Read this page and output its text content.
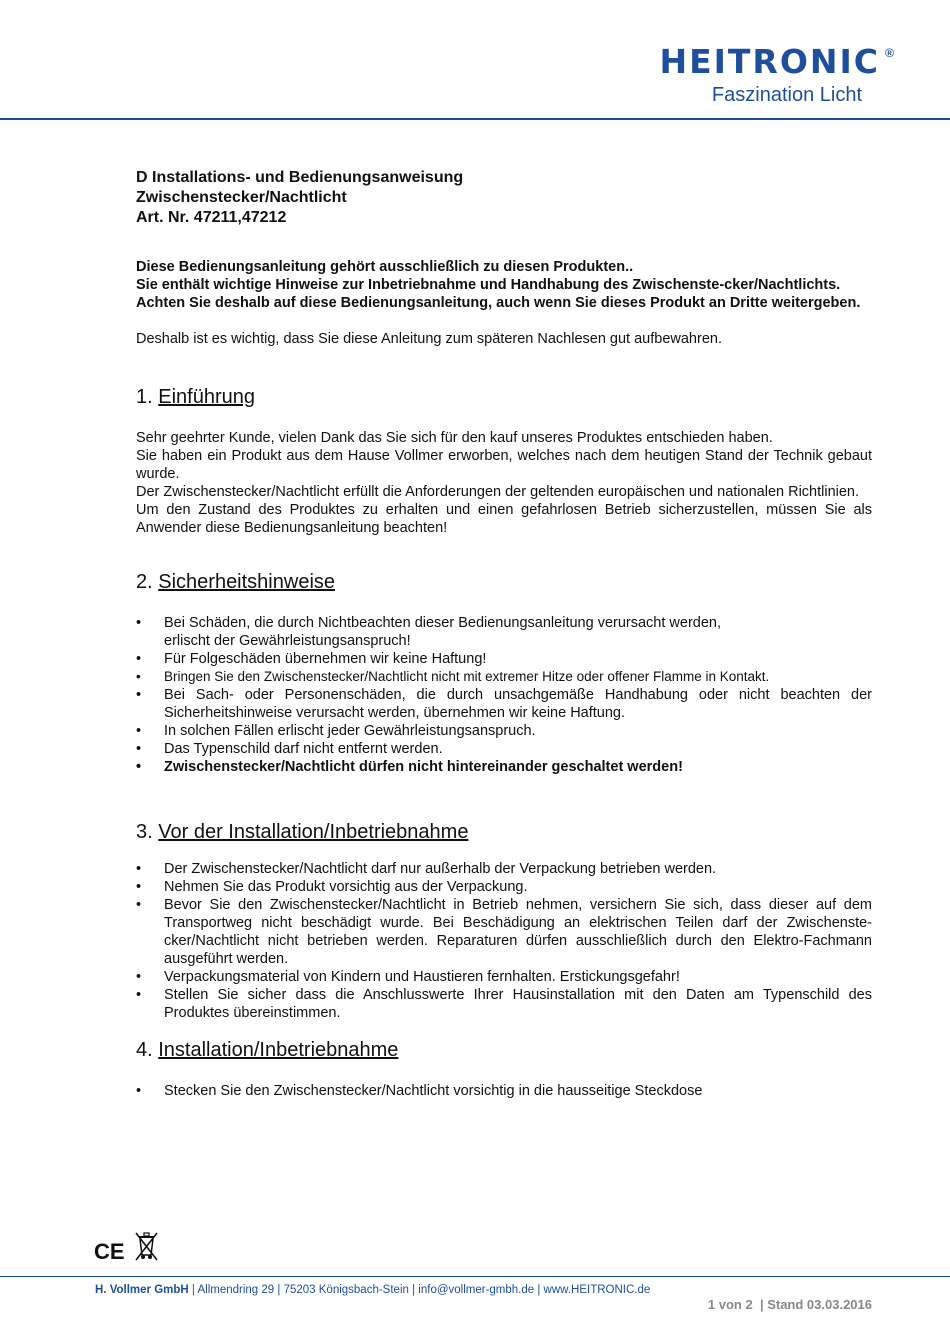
HEITRONIC ®
Faszination Licht
D Installations- und Bedienungsanweisung
Zwischenstecker/Nachtlicht
Art. Nr. 47211,47212

Diese Bedienungsanleitung gehört ausschließlich zu diesen Produkten..

Sie enthält wichtige Hinweise zur Inbetriebnahme und Handhabung des Zwischenste-cker/Nachtlichts.

Achten Sie deshalb auf diese Bedienungsanleitung, auch wenn Sie dieses Produkt an Dritte weitergeben.

Deshalb ist es wichtig, dass Sie diese Anleitung zum späteren Nachlesen gut aufbewahren.

1. Einführung

Sehr geehrter Kunde, vielen Dank das Sie sich für den kauf unseres Produktes entschieden haben.

Sie haben ein Produkt aus dem Hause Vollmer erworben, welches nach dem heutigen Stand der Technik gebaut wurde.

Der Zwischenstecker/Nachtlicht erfüllt die Anforderungen der geltenden europäischen und nationalen Richtlinien.

Um den Zustand des Produktes zu erhalten und einen gefahrlosen Betrieb sicherzustellen, müssen Sie als Anwender diese Bedienungsanleitung beachten!

2. Sicherheitshinweise
• Bei Schäden, die durch Nichtbeachten dieser Bedienungsanleitung verursacht werden,
erlischt der Gewährleistungsanspruch!
• Für Folgeschäden übernehmen wir keine Haftung!
• Bringen Sie den Zwischenstecker/Nachtlicht nicht mit extremer Hitze oder offener Flamme in Kontakt.
• Bei Sach- oder Personenschäden, die durch unsachgemäße Handhabung oder nicht beachten der Sicherheitshinweise verursacht werden, übernehmen wir keine Haftung.
• In solchen Fällen erlischt jeder Gewährleistungsanspruch.
• Das Typenschild darf nicht entfernt werden.
• Zwischenstecker/Nachtlicht dürfen nicht hintereinander geschaltet werden!
3. Vor der Installation/Inbetriebnahme
• Der Zwischenstecker/Nachtlicht darf nur außerhalb der Verpackung betrieben werden.
• Nehmen Sie das Produkt vorsichtig aus der Verpackung.
• Bevor Sie den Zwischenstecker/Nachtlicht in Betrieb nehmen, versichern Sie sich, dass dieser auf dem Transportweg nicht beschädigt wurde. Bei Beschädigung an elektrischen Teilen darf der Zwischenste-cker/Nachtlicht nicht betrieben werden. Reparaturen dürfen ausschließlich durch den Elektro-Fachmann ausgeführt werden.
• Verpackungsmaterial von Kindern und Haustieren fernhalten. Erstickungsgefahr!
• Stellen Sie sicher dass die Anschlusswerte Ihrer Hausinstallation mit den Daten am Typenschild des Produktes übereinstimmen.
4. Installation/Inbetriebnahme
• Stecken Sie den Zwischenstecker/Nachtlicht vorsichtig in die hausseitige Steckdose
CE
H. Vollmer GmbH | Allmendring 29 | 75203 Königsbach-Stein | info@vollmer-gmbh.de | www.HEITRONIC.de
1 von 2 | Stand 03.03.2016
